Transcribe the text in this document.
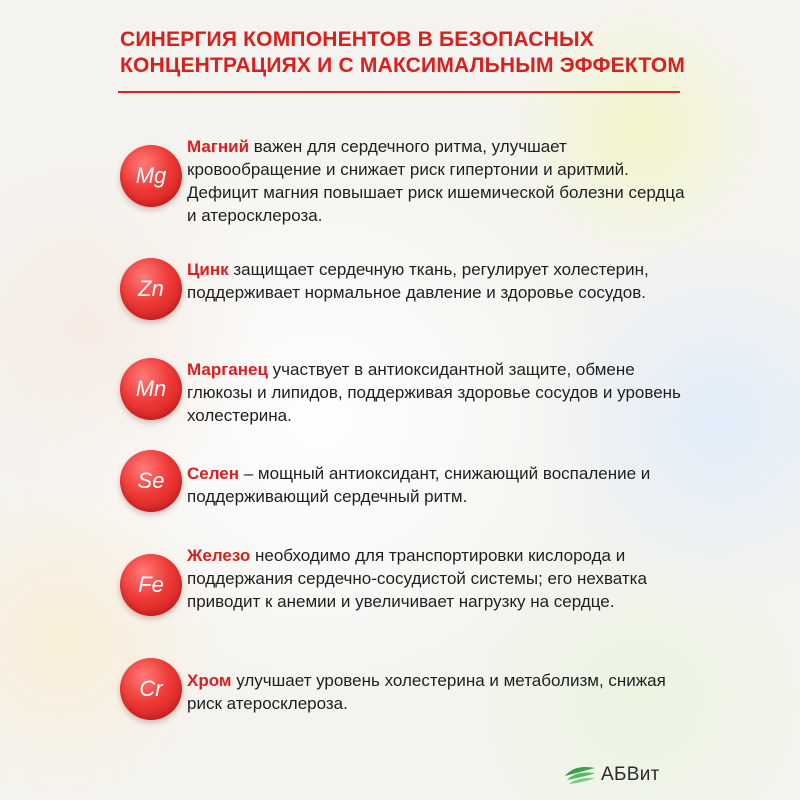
СИНЕРГИЯ КОМПОНЕНТОВ В БЕЗОПАСНЫХ
КОНЦЕНТРАЦИЯХ И С МАКСИМАЛЬНЫМ ЭФФЕКТОМ
Mg

Магний важен для сердечного ритма, улучшает кровообращение и снижает риск гипертонии и аритмий. Дефицит магния повышает риск ишемической болезни сердца и атеросклероза.

Zn

Цинк защищает сердечную ткань, регулирует холестерин, поддерживает нормальное давление и здоровье сосудов.

Mn

Марганец участвует в антиоксидантной защите, обмене глюкозы и липидов, поддерживая здоровье сосудов и уровень холестерина.

Se	Селен – мощный антиоксидант, снижающий воспаление и поддерживающий сердечный ритм.

Fe

Железо необходимо для транспортировки кислорода и поддержания сердечно-сосудистой системы; его нехватка приводит к анемии и увеличивает нагрузку на сердце.

Cr	Хром улучшает уровень холестерина и метаболизм, снижая риск атеросклероза.

АБВит
